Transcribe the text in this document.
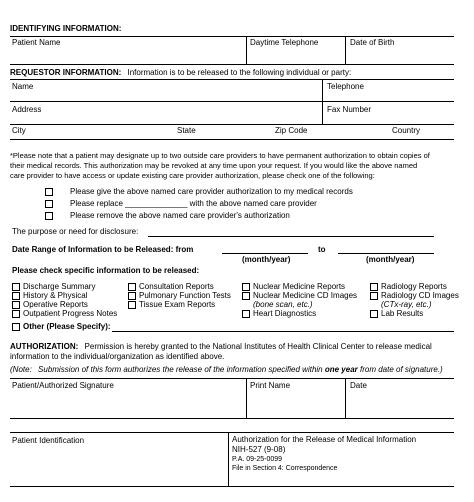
IDENTIFYING INFORMATION:
Patient Name	Daytime Telephone	Date of Birth
REQUESTOR INFORMATION: Information is to be released to the following individual or party:
Name	Telephone
Address	Fax Number
City	State	Zip Code	Country
*Please note that a patient may designate up to two outside care providers to have permanent authorization to obtain copies of
their medical records. This authorization may be revoked at any time upon your request. If you would like the above named
care provider to have access or update existing care provider authorization, please check one of the following:
Please give the above named care provider authorization to my medical records
Please replace ______________ with the above named care provider
Please remove the above named care provider's authorization
The purpose or need for disclosure:
Date Range of Information to be Released: from	to
(month/year)	(month/year)
Please check specific information to be released:
Discharge Summary
History & Physical
Operative Reports
Outpatient Progress Notes
Consultation Reports
Pulmonary Function Tests
Tissue Exam Reports
Nuclear Medicine Reports
Nuclear Medicine CD Images
(bone scan, etc.)
Heart Diagnostics
Radiology Reports
Radiology CD Images
(CTx-ray, etc.)
Lab Results
Other (Please Specify):
AUTHORIZATION: Permission is hereby granted to the National Institutes of Health Clinical Center to release medical
information to the individual/organization as identified above.
(Note: Submission of this form authorizes the release of the information specified within one year from date of signature.)
Patient/Authorized Signature	Print Name	Date
Patient Identification	Authorization for the Release of Medical Information
NIH-527 (9-08)
P.A. 09-25-0099
File in Section 4: Correspondence
